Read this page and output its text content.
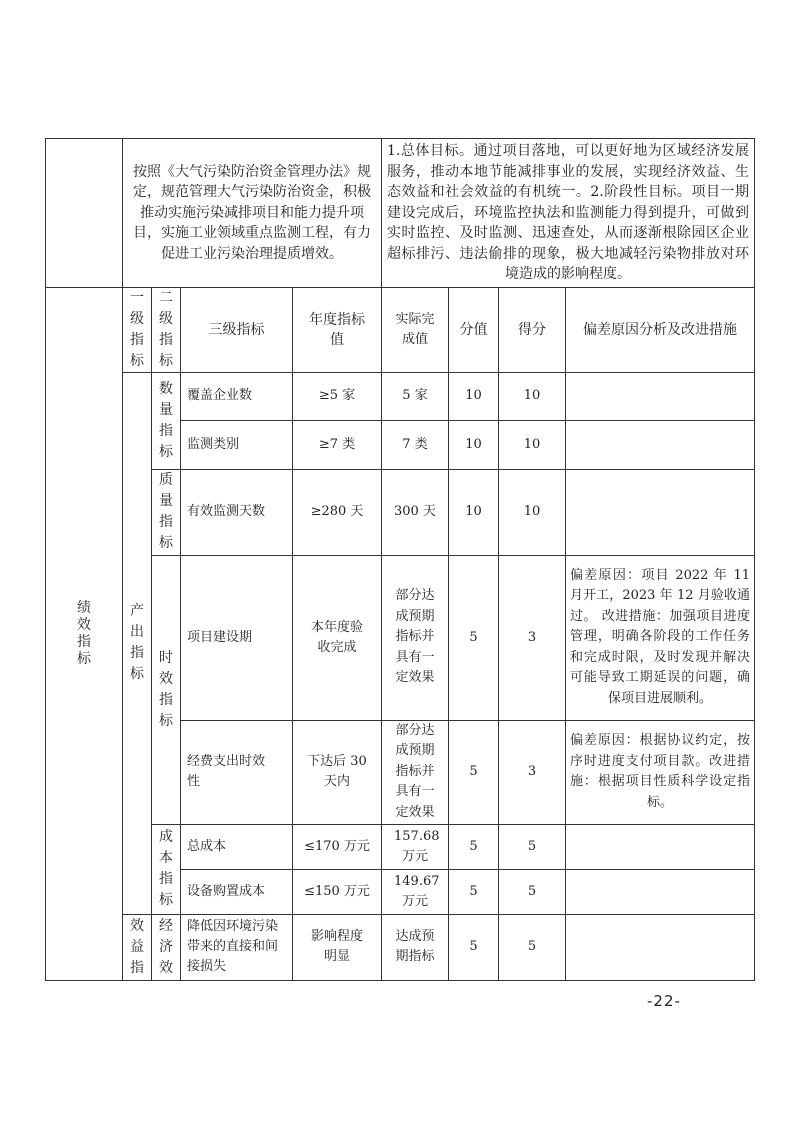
	按照《大气污染防治资金管理办法》规定，规范管理大气污染防治资金，积极推动实施污染减排项目和能力提升项目，实施工业领域重点监测工程，有力促进工业污染治理提质增效。	1.总体目标。通过项目落地，可以更好地为区域经济发展服务，推动本地节能减排事业的发展，实现经济效益、生态效益和社会效益的有机统一。2.阶段性目标。项目一期建设完成后，环境监控执法和监测能力得到提升，可做到实时监控、及时监测、迅速查处，从而逐渐根除园区企业超标排污、违法偷排的现象，极大地减轻污染物排放对环境造成的影响程度。

绩
效
指
标

一
级
指
标

二
级
指
标
	三级指标	年度指标值	实际完成值	分值	得分	偏差原因分析及改进措施

产
出
指
标

数
量
指
标
	覆盖企业数	≥5 家	5 家	10	10	
监测类别	≥7 类	7 类	10	10	

质
量
指
标
	有效监测天数	≥280 天	300 天	10	10	

时
效
指
标
	项目建设期	本年度验收完成	部分达成预期指标并具有一定效果	5	3	偏差原因：项目 2022 年 11 月开工，2023 年 12 月验收通过。 改进措施：加强项目进度管理，明确各阶段的工作任务和完成时限，及时发现并解决可能导致工期延误的问题，确保项目进展顺利。
经费支出时效性	下达后 30 天内	部分达成预期指标并具有一定效果	5	3	偏差原因：根据协议约定，按序时进度支付项目款。改进措施：根据项目性质科学设定指标。

成
本
指
标
	总成本	≤170 万元	157.68 万元	5	5	
设备购置成本	≤150 万元	149.67 万元	5	5	

效
益
指

经
济
效
	降低因环境污染带来的直接和间接损失	影响程度明显	达成预期指标	5	5	
-22-
